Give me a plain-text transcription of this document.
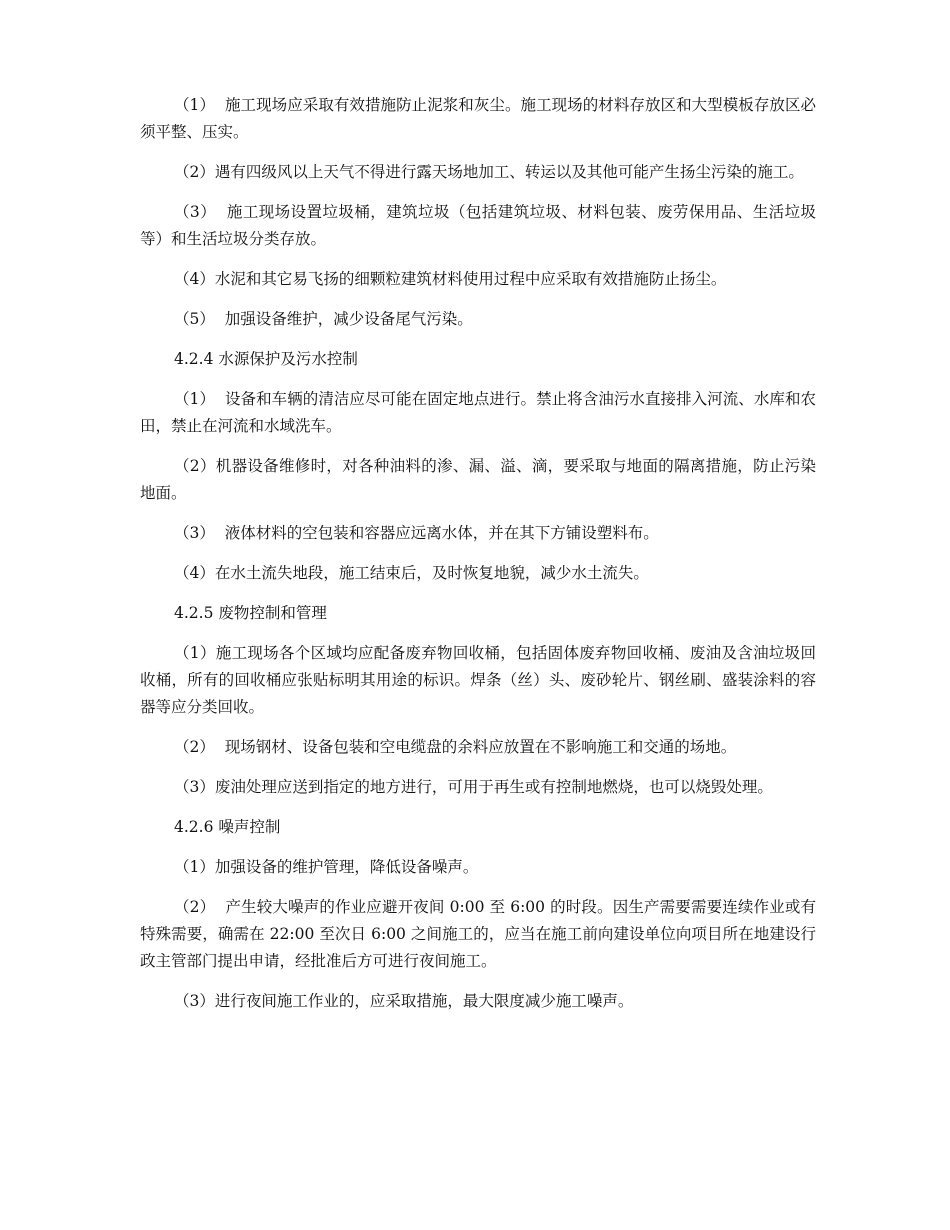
（1）  施工现场应采取有效措施防止泥浆和灰尘。施工现场的材料存放区和大型模板存放区必须平整、压实。

（2）遇有四级风以上天气不得进行露天场地加工、转运以及其他可能产生扬尘污染的施工。

（3）  施工现场设置垃圾桶，建筑垃圾（包括建筑垃圾、材料包装、废劳保用品、生活垃圾等）和生活垃圾分类存放。

（4）水泥和其它易飞扬的细颗粒建筑材料使用过程中应采取有效措施防止扬尘。

（5）  加强设备维护，减少设备尾气污染。

4.2.4 水源保护及污水控制

（1）  设备和车辆的清洁应尽可能在固定地点进行。禁止将含油污水直接排入河流、水库和农田，禁止在河流和水域洗车。

（2）机器设备维修时，对各种油料的渗、漏、溢、滴，要采取与地面的隔离措施，防止污染地面。

（3）  液体材料的空包装和容器应远离水体，并在其下方铺设塑料布。

（4）在水土流失地段，施工结束后，及时恢复地貌，减少水土流失。

4.2.5 废物控制和管理

（1）施工现场各个区域均应配备废弃物回收桶，包括固体废弃物回收桶、废油及含油垃圾回收桶，所有的回收桶应张贴标明其用途的标识。焊条（丝）头、废砂轮片、钢丝刷、盛装涂料的容器等应分类回收。

（2）  现场钢材、设备包装和空电缆盘的余料应放置在不影响施工和交通的场地。

（3）废油处理应送到指定的地方进行，可用于再生或有控制地燃烧，也可以烧毁处理。

4.2.6 噪声控制

（1）加强设备的维护管理，降低设备噪声。

（2）  产生较大噪声的作业应避开夜间 0:00 至 6:00 的时段。因生产需要需要连续作业或有特殊需要，确需在 22:00 至次日 6:00 之间施工的，应当在施工前向建设单位向项目所在地建设行政主管部门提出申请，经批准后方可进行夜间施工。

（3）进行夜间施工作业的，应采取措施，最大限度减少施工噪声。
